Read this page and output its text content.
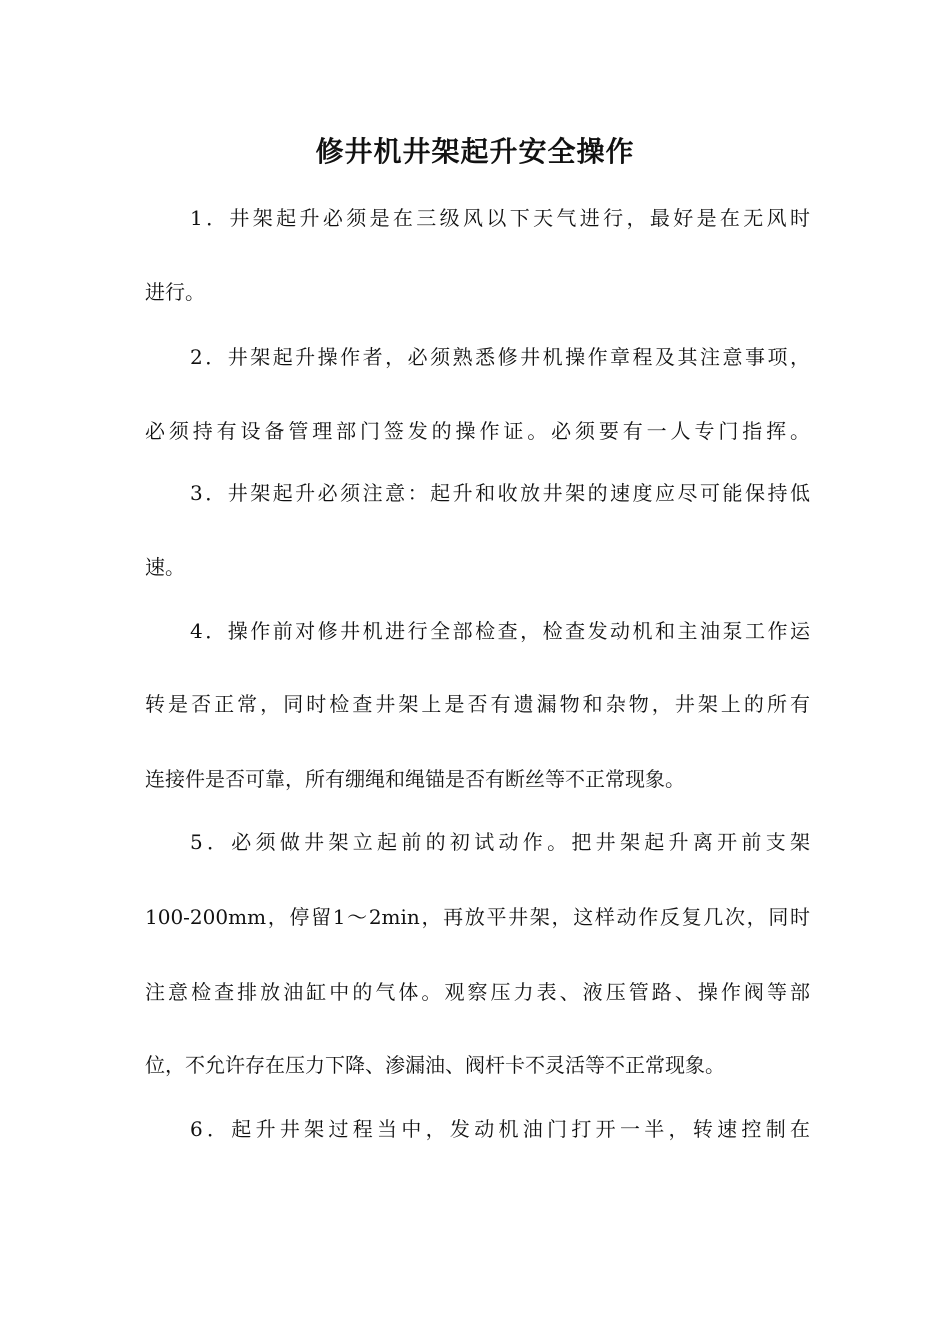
修井机井架起升安全操作

1．井架起升必须是在三级风以下天气进行，最好是在无风时

进行。

2．井架起升操作者，必须熟悉修井机操作章程及其注意事项，

必须持有设备管理部门签发的操作证。必须要有一人专门指挥。

3．井架起升必须注意：起升和收放井架的速度应尽可能保持低

速。

4．操作前对修井机进行全部检查，检查发动机和主油泵工作运

转是否正常，同时检查井架上是否有遗漏物和杂物，井架上的所有

连接件是否可靠，所有绷绳和绳锚是否有断丝等不正常现象。

5．必须做井架立起前的初试动作。把井架起升离开前支架

100-200mm，停留1～2min，再放平井架，这样动作反复几次，同时

注意检查排放油缸中的气体。观察压力表、液压管路、操作阀等部

位，不允许存在压力下降、渗漏油、阀杆卡不灵活等不正常现象。

6．起升井架过程当中，发动机油门打开一半，转速控制在
